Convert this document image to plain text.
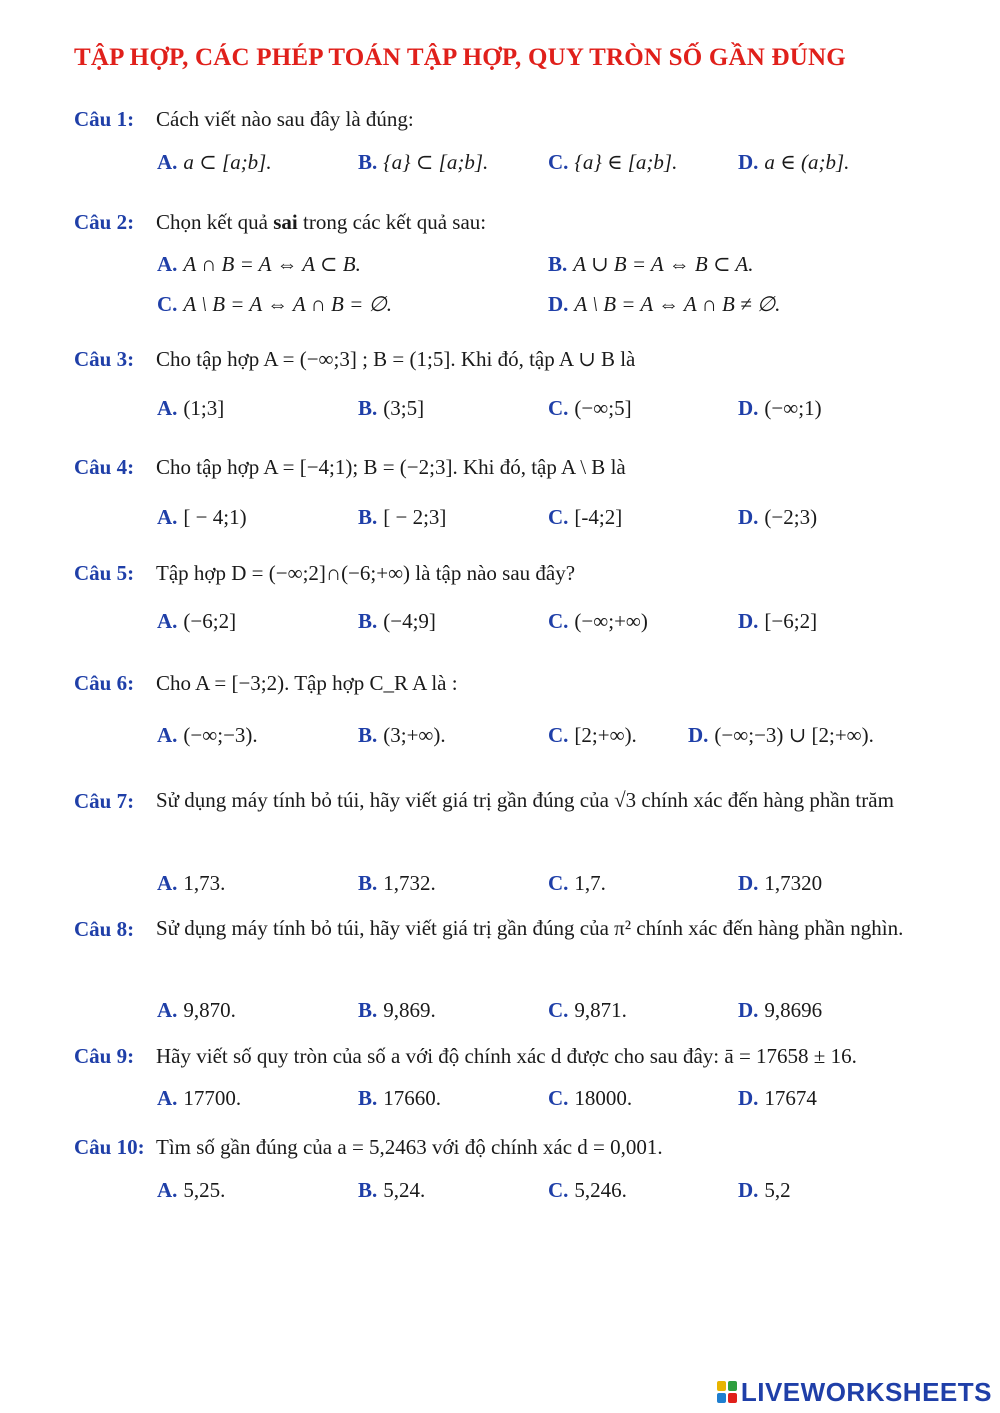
TẬP HỢP, CÁC PHÉP TOÁN TẬP HỢP, QUY TRÒN SỐ GẦN ĐÚNG
Câu 1: Cách viết nào sau đây là đúng:
A. a ⊂ [a;b].	B. {a} ⊂ [a;b].	C. {a} ∈ [a;b].	D. a ∈ (a;b].
Câu 2: Chọn kết quả sai trong các kết quả sau:
A. A ∩ B = A ⇔ A ⊂ B.	B. A ∪ B = A ⇔ B ⊂ A.
C. A \ B = A ⇔ A ∩ B = ∅.	D. A \ B = A ⇔ A ∩ B ≠ ∅.
Câu 3: Cho tập hợp A = (−∞;3] ; B = (1;5]. Khi đó, tập A ∪ B là
A. (1;3]	B. (3;5]	C. (−∞;5]	D. (−∞;1)
Câu 4: Cho tập hợp A = [−4;1); B = (−2;3]. Khi đó, tập A \ B là
A. [ − 4;1)	B. [ − 2;3]	C. [-4;2]	D. (−2;3)
Câu 5: Tập hợp D = (−∞;2]∩(−6;+∞) là tập nào sau đây?
A. (−6;2]	B. (−4;9]	C. (−∞;+∞)	D. [−6;2]
Câu 6: Cho A = [−3;2). Tập hợp C_R A là :
A. (−∞;−3).	B. (3;+∞).	C. [2;+∞). D. (−∞;−3) ∪ [2;+∞).
Câu 7: Sử dụng máy tính bỏ túi, hãy viết giá trị gần đúng của √3 chính xác đến hàng phần trăm
A. 1,73.	B. 1,732.	C. 1,7.	D. 1,7320
Câu 8: Sử dụng máy tính bỏ túi, hãy viết giá trị gần đúng của π² chính xác đến hàng phần nghìn.
A. 9,870.	B. 9,869.	C. 9,871.	D. 9,8696
Câu 9: Hãy viết số quy tròn của số a với độ chính xác d được cho sau đây: ā = 17658 ± 16.
A. 17700.	B. 17660.	C. 18000.	D. 17674
Câu 10: Tìm số gần đúng của a = 5,2463 với độ chính xác d = 0,001.
A. 5,25.	B. 5,24.	C. 5,246.	D. 5,2
LIVEWORKSHEETS
